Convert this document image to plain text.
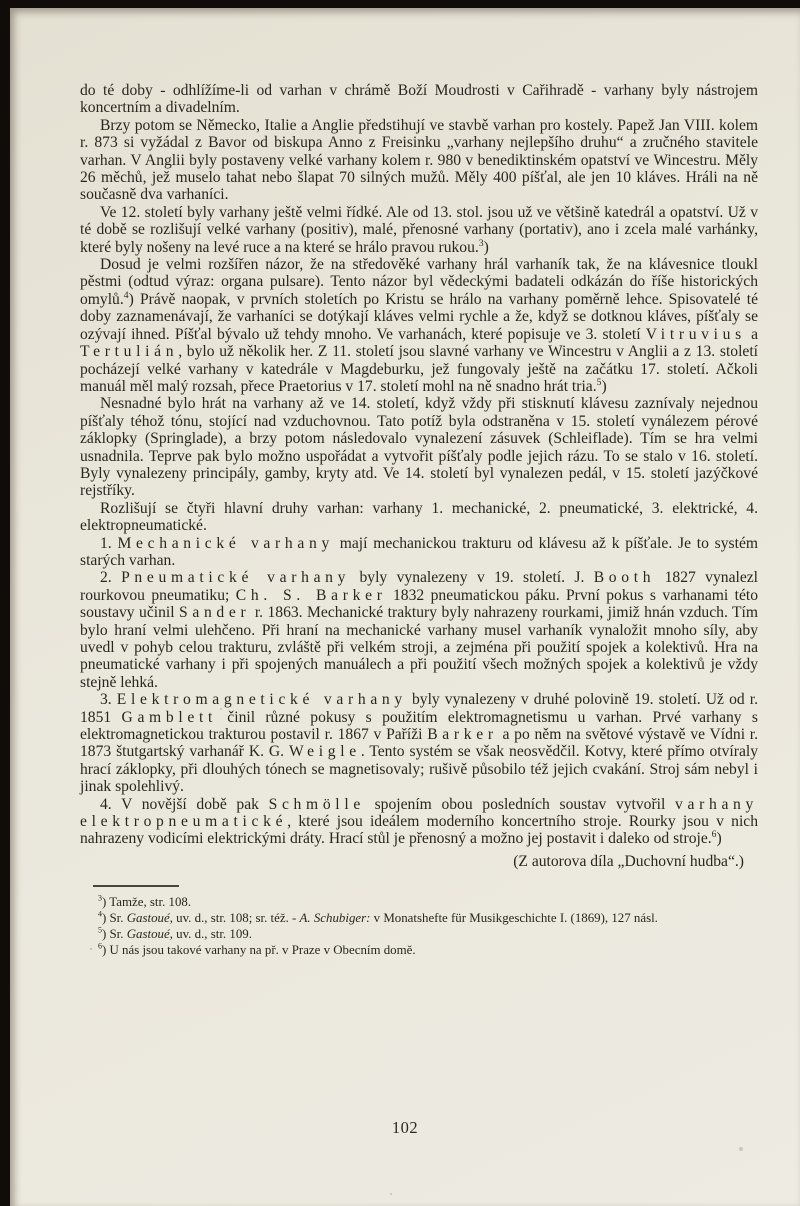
do té doby - odhlížíme-li od varhan v chrámě Boží Moudrosti v Cařihradě - varhany byly nástrojem koncertním a divadelním.

Brzy potom se Německo, Italie a Anglie předstihují ve stavbě varhan pro kostely. Papež Jan VIII. kolem r. 873 si vyžádal z Bavor od biskupa Anno z Freisinku „varhany nejlepšího druhu“ a zručného stavitele varhan. V Anglii byly postaveny velké varhany kolem r. 980 v benediktinském opatství ve Wincestru. Měly 26 měchů, jež muselo tahat nebo šlapat 70 silných mužů. Měly 400 píšťal, ale jen 10 kláves. Hráli na ně současně dva varhaníci.

Ve 12. století byly varhany ještě velmi řídké. Ale od 13. stol. jsou už ve většině katedrál a opatství. Už v té době se rozlišují velké varhany (positiv), malé, přenosné varhany (portativ), ano i zcela malé varhánky, které byly nošeny na levé ruce a na které se hrálo pravou rukou.$^3$)

Dosud je velmi rozšířen názor, že na středověké varhany hrál varhaník tak, že na klávesnice tloukl pěstmi (odtud výraz: organa pulsare). Tento názor byl vědeckými badateli odkázán do říše historických omylů.$^4$) Právě naopak, v prvních stoletích po Kristu se hrálo na varhany poměrně lehce. Spisovatelé té doby zaznamenávají, že varhaníci se dotýkají kláves velmi rychle a že, když se dotknou kláves, píšťaly se ozývají ihned. Píšťal bývalo už tehdy mnoho. Ve varhanách, které popisuje ve 3. století Vitruvius a Tertulián, bylo už několik her. Z 11. století jsou slavné varhany ve Wincestru v Anglii a z 13. století pocházejí velké varhany v katedrále v Magdeburku, jež fungovaly ještě na začátku 17. století. Ačkoli manuál měl malý rozsah, přece Praetorius v 17. století mohl na ně snadno hrát tria.$^5$)

Nesnadné bylo hrát na varhany až ve 14. století, když vždy při stisknutí klávesu zaznívaly nejednou píšťaly téhož tónu, stojící nad vzduchovnou. Tato potíž byla odstraněna v 15. století vynálezem pérové záklopky (Springlade), a brzy potom následovalo vynalezení zásuvek (Schleiflade). Tím se hra velmi usnadnila. Teprve pak bylo možno uspořádat a vytvořit píšťaly podle jejich rázu. To se stalo v 16. století. Byly vynalezeny principály, gamby, kryty atd. Ve 14. století byl vynalezen pedál, v 15. století jazýčkové rejstříky.

Rozlišují se čtyři hlavní druhy varhan: varhany 1. mechanické, 2. pneumatické, 3. elektrické, 4. elektropneumatické.

1. Mechanické varhany mají mechanickou trakturu od klávesu až k píšťale. Je to systém starých varhan.

2. Pneumatické varhany byly vynalezeny v 19. století. J. Booth 1827 vynalezl rourkovou pneumatiku; Ch. S. Barker 1832 pneumatickou páku. První pokus s varhanami této soustavy učinil Sander r. 1863. Mechanické traktury byly nahrazeny rourkami, jimiž hnán vzduch. Tím bylo hraní velmi ulehčeno. Při hraní na mechanické varhany musel varhaník vynaložit mnoho síly, aby uvedl v pohyb celou trakturu, zvláště při velkém stroji, a zejména při použití spojek a kolektivů. Hra na pneumatické varhany i při spojených manuálech a při použití všech možných spojek a kolektivů je vždy stejně lehká.

3. Elektromagnetické varhany byly vynalezeny v druhé polovině 19. století. Už od r. 1851 Gamblett činil různé pokusy s použitím elektromagnetismu u varhan. Prvé varhany s elektromagnetickou trakturou postavil r. 1867 v Paříži Barker a po něm na světové výstavě ve Vídni r. 1873 štutgartský varhanář K. G. Weigle. Tento systém se však neosvědčil. Kotvy, které přímo otvíraly hrací záklopky, při dlouhých tónech se magnetisovaly; rušivě působilo též jejich cvakání. Stroj sám nebyl i jinak spolehlivý.

4. V novější době pak Schmölle spojením obou posledních soustav vytvořil varhany elektropneumatické, které jsou ideálem moderního koncertního stroje. Rourky jsou v nich nahrazeny vodicími elektrickými dráty. Hrací stůl je přenosný a možno jej postavit i daleko od stroje.$^6$)

(Z autorova díla „Duchovní hudba“.)

$^3$) Tamže, str. 108.

$^4$) Sr. Gastoué, uv. d., str. 108; sr. též. - A. Schubiger: v Monatshefte für Musikgeschichte I. (1869), 127 násl.

$^5$) Sr. Gastoué, uv. d., str. 109.

$^6$) U nás jsou takové varhany na př. v Praze v Obecním domě.

102
